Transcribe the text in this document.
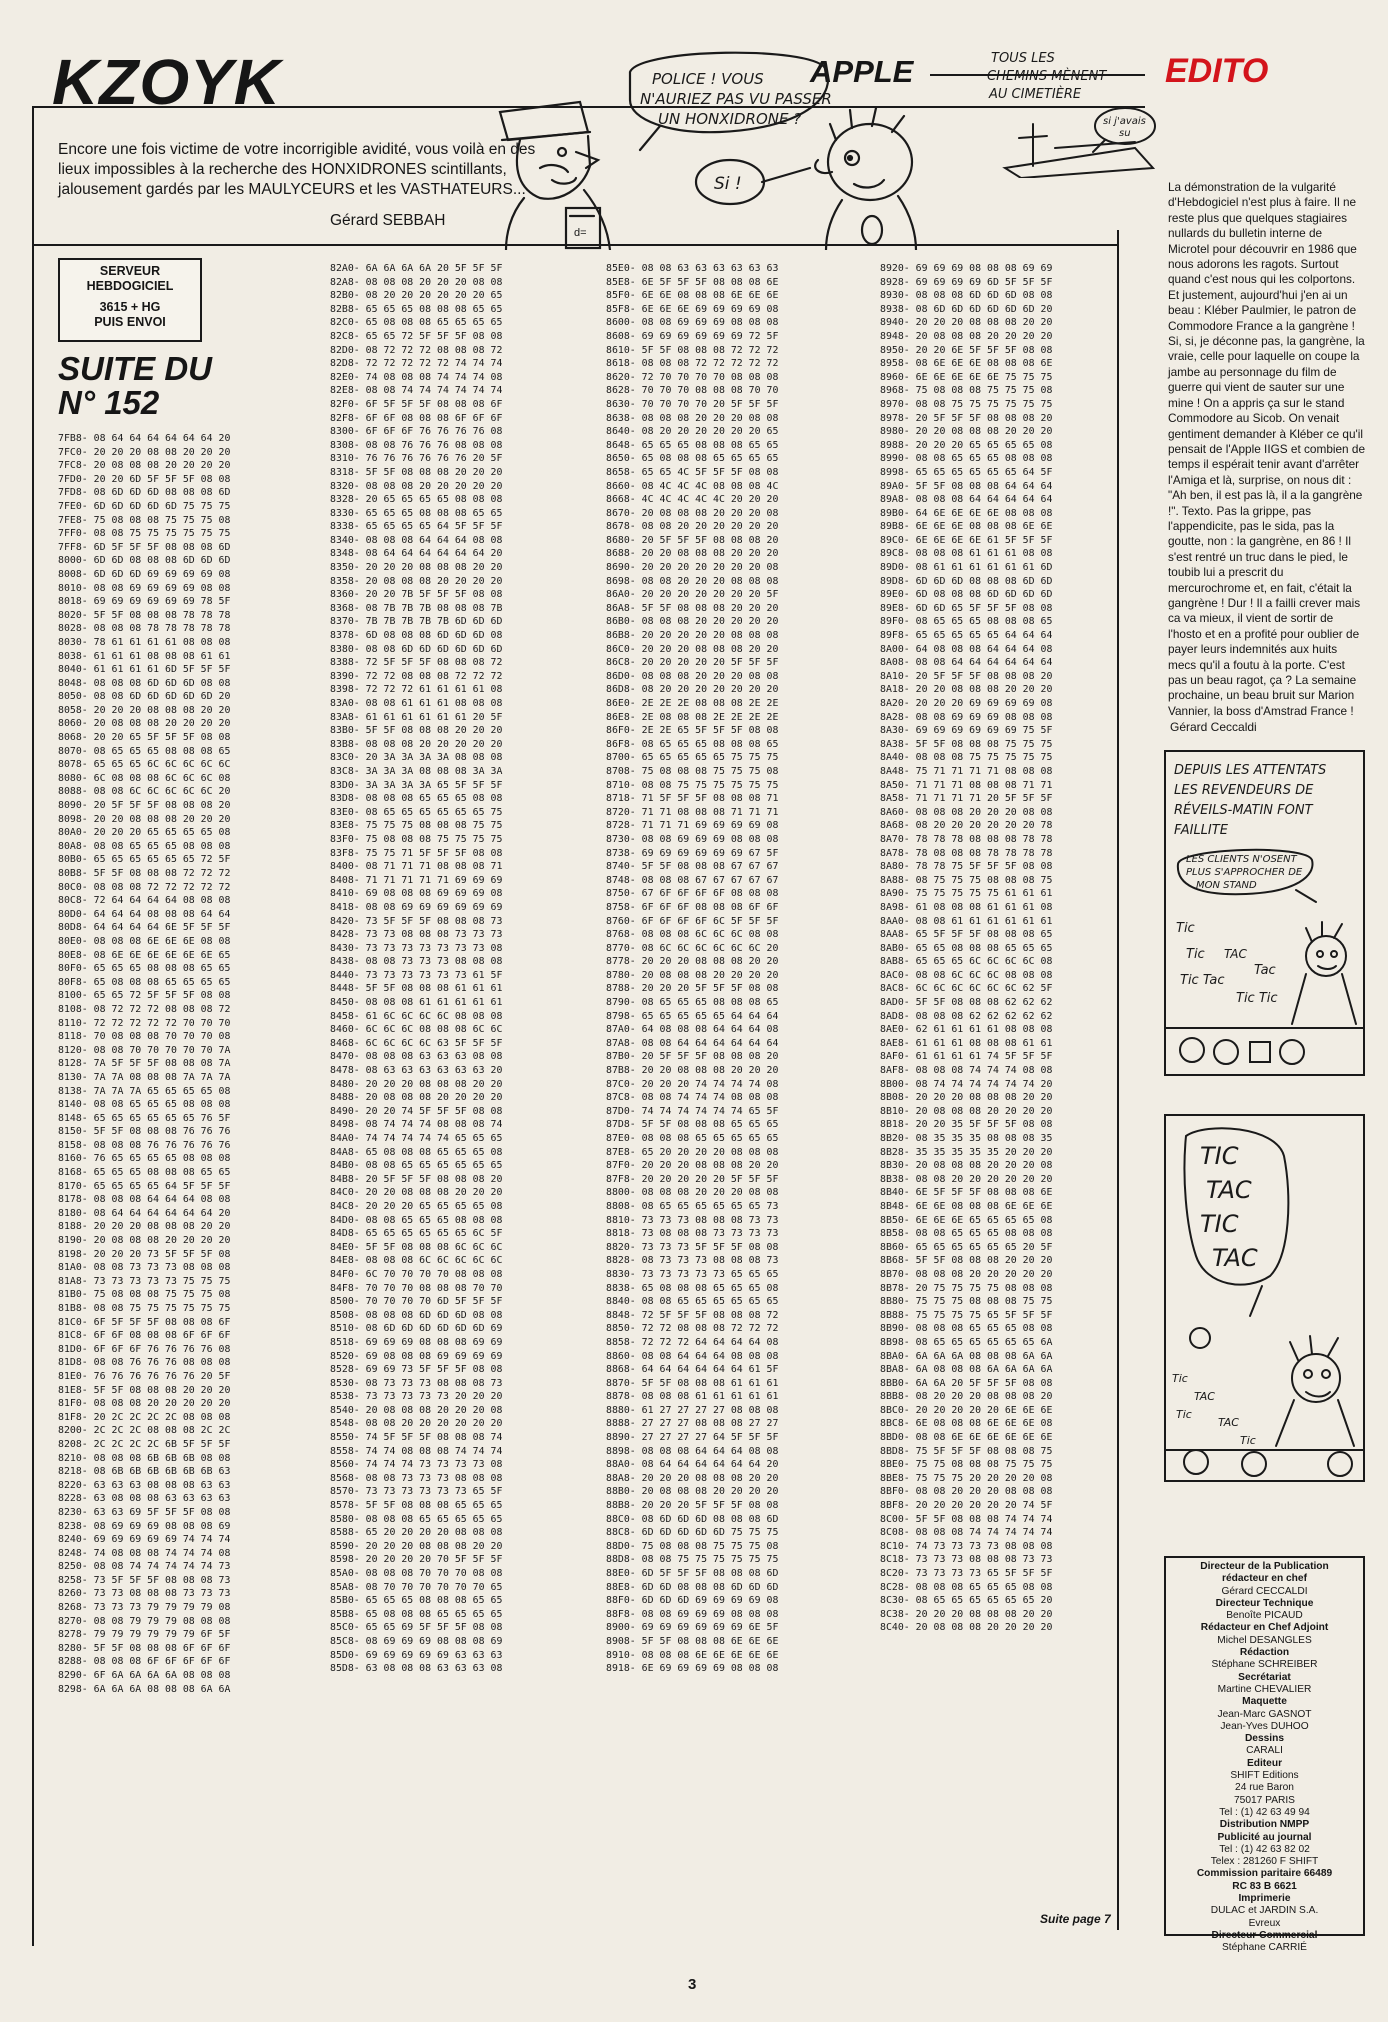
KZOYK	APPLE
Encore une fois victime de votre incorrigible avidité, vous voilà en des lieux impossibles à la recherche des HONXIDRONES scintillants, jalousement gardés par les MAULYCEURS et les VASTHATEURS...
Gérard SEBBAH
POLICE ! VOUS
N'AURIEZ PAS VU PASSER
UN HONXIDRONE ?
Si !
d=
SERVEUR
HEBDOGICIEL
3615 + HG
PUIS ENVOI
SUITE DU
N° 152
7FB8- 08 64 64 64 64 64 64 20
7FC0- 20 20 20 08 08 20 20 20
7FC8- 20 08 08 08 20 20 20 20
7FD0- 20 20 6D 5F 5F 5F 08 08
7FD8- 08 6D 6D 6D 08 08 08 6D
7FE0- 6D 6D 6D 6D 6D 75 75 75
7FE8- 75 08 08 08 75 75 75 08
7FF0- 08 08 75 75 75 75 75 75
7FF8- 6D 5F 5F 5F 08 08 08 6D
8000- 6D 6D 08 08 08 6D 6D 6D
8008- 6D 6D 6D 69 69 69 69 08
8010- 08 08 69 69 69 69 08 08
8018- 69 69 69 69 69 69 78 5F
8020- 5F 5F 08 08 08 78 78 78
8028- 08 08 08 78 78 78 78 78
8030- 78 61 61 61 61 08 08 08
8038- 61 61 61 08 08 08 61 61
8040- 61 61 61 61 6D 5F 5F 5F
8048- 08 08 08 6D 6D 6D 08 08
8050- 08 08 6D 6D 6D 6D 6D 20
8058- 20 20 20 08 08 08 20 20
8060- 20 08 08 08 20 20 20 20
8068- 20 20 65 5F 5F 5F 08 08
8070- 08 65 65 65 08 08 08 65
8078- 65 65 65 6C 6C 6C 6C 6C
8080- 6C 08 08 08 6C 6C 6C 08
8088- 08 08 6C 6C 6C 6C 6C 20
8090- 20 5F 5F 5F 08 08 08 20
8098- 20 20 08 08 08 20 20 20
80A0- 20 20 20 65 65 65 65 08
80A8- 08 08 65 65 65 08 08 08
80B0- 65 65 65 65 65 65 72 5F
80B8- 5F 5F 08 08 08 72 72 72
80C0- 08 08 08 72 72 72 72 72
80C8- 72 64 64 64 64 08 08 08
80D0- 64 64 64 08 08 08 64 64
80D8- 64 64 64 64 6E 5F 5F 5F
80E0- 08 08 08 6E 6E 6E 08 08
80E8- 08 6E 6E 6E 6E 6E 6E 65
80F0- 65 65 65 08 08 08 65 65
80F8- 65 08 08 08 65 65 65 65
8100- 65 65 72 5F 5F 5F 08 08
8108- 08 72 72 72 08 08 08 72
8110- 72 72 72 72 72 70 70 70
8118- 70 08 08 08 70 70 70 08
8120- 08 08 70 70 70 70 70 7A
8128- 7A 5F 5F 5F 08 08 08 7A
8130- 7A 7A 08 08 08 7A 7A 7A
8138- 7A 7A 7A 65 65 65 65 08
8140- 08 08 65 65 65 08 08 08
8148- 65 65 65 65 65 65 76 5F
8150- 5F 5F 08 08 08 76 76 76
8158- 08 08 08 76 76 76 76 76
8160- 76 65 65 65 65 08 08 08
8168- 65 65 65 08 08 08 65 65
8170- 65 65 65 65 64 5F 5F 5F
8178- 08 08 08 64 64 64 08 08
8180- 08 64 64 64 64 64 64 20
8188- 20 20 20 08 08 08 20 20
8190- 20 08 08 08 20 20 20 20
8198- 20 20 20 73 5F 5F 5F 08
81A0- 08 08 73 73 73 08 08 08
81A8- 73 73 73 73 73 75 75 75
81B0- 75 08 08 08 75 75 75 08
81B8- 08 08 75 75 75 75 75 75
81C0- 6F 5F 5F 5F 08 08 08 6F
81C8- 6F 6F 08 08 08 6F 6F 6F
81D0- 6F 6F 6F 76 76 76 76 08
81D8- 08 08 76 76 76 08 08 08
81E0- 76 76 76 76 76 76 20 5F
81E8- 5F 5F 08 08 08 20 20 20
81F0- 08 08 08 20 20 20 20 20
81F8- 20 2C 2C 2C 2C 08 08 08
8200- 2C 2C 2C 08 08 08 2C 2C
8208- 2C 2C 2C 2C 6B 5F 5F 5F
8210- 08 08 08 6B 6B 6B 08 08
8218- 08 6B 6B 6B 6B 6B 6B 63
8220- 63 63 63 08 08 08 63 63
8228- 63 08 08 08 63 63 63 63
8230- 63 63 69 5F 5F 5F 08 08
8238- 08 69 69 69 08 08 08 69
8240- 69 69 69 69 69 74 74 74
8248- 74 08 08 08 74 74 74 08
8250- 08 08 74 74 74 74 74 73
8258- 73 5F 5F 5F 08 08 08 73
8260- 73 73 08 08 08 73 73 73
8268- 73 73 73 79 79 79 79 08
8270- 08 08 79 79 79 08 08 08
8278- 79 79 79 79 79 79 6F 5F
8280- 5F 5F 08 08 08 6F 6F 6F
8288- 08 08 08 6F 6F 6F 6F 6F
8290- 6F 6A 6A 6A 6A 08 08 08
8298- 6A 6A 6A 08 08 08 6A 6A
82A0- 6A 6A 6A 6A 20 5F 5F 5F
82A8- 08 08 08 20 20 20 08 08
82B0- 08 20 20 20 20 20 20 65
82B8- 65 65 65 08 08 08 65 65
82C0- 65 08 08 08 65 65 65 65
82C8- 65 65 72 5F 5F 5F 08 08
82D0- 08 72 72 72 08 08 08 72
82D8- 72 72 72 72 72 74 74 74
82E0- 74 08 08 08 74 74 74 08
82E8- 08 08 74 74 74 74 74 74
82F0- 6F 5F 5F 5F 08 08 08 6F
82F8- 6F 6F 08 08 08 6F 6F 6F
8300- 6F 6F 6F 76 76 76 76 08
8308- 08 08 76 76 76 08 08 08
8310- 76 76 76 76 76 76 20 5F
8318- 5F 5F 08 08 08 20 20 20
8320- 08 08 08 20 20 20 20 20
8328- 20 65 65 65 65 08 08 08
8330- 65 65 65 08 08 08 65 65
8338- 65 65 65 65 64 5F 5F 5F
8340- 08 08 08 64 64 64 08 08
8348- 08 64 64 64 64 64 64 20
8350- 20 20 20 08 08 08 20 20
8358- 20 08 08 08 20 20 20 20
8360- 20 20 7B 5F 5F 5F 08 08
8368- 08 7B 7B 7B 08 08 08 7B
8370- 7B 7B 7B 7B 7B 6D 6D 6D
8378- 6D 08 08 08 6D 6D 6D 08
8380- 08 08 6D 6D 6D 6D 6D 6D
8388- 72 5F 5F 5F 08 08 08 72
8390- 72 72 08 08 08 72 72 72
8398- 72 72 72 61 61 61 61 08
83A0- 08 08 61 61 61 08 08 08
83A8- 61 61 61 61 61 61 20 5F
83B0- 5F 5F 08 08 08 20 20 20
83B8- 08 08 08 20 20 20 20 20
83C0- 20 3A 3A 3A 3A 08 08 08
83C8- 3A 3A 3A 08 08 08 3A 3A
83D0- 3A 3A 3A 3A 65 5F 5F 5F
83D8- 08 08 08 65 65 65 08 08
83E0- 08 65 65 65 65 65 65 75
83E8- 75 75 75 08 08 08 75 75
83F0- 75 08 08 08 75 75 75 75
83F8- 75 75 71 5F 5F 5F 08 08
8400- 08 71 71 71 08 08 08 71
8408- 71 71 71 71 71 69 69 69
8410- 69 08 08 08 69 69 69 08
8418- 08 08 69 69 69 69 69 69
8420- 73 5F 5F 5F 08 08 08 73
8428- 73 73 08 08 08 73 73 73
8430- 73 73 73 73 73 73 73 08
8438- 08 08 73 73 73 08 08 08
8440- 73 73 73 73 73 73 61 5F
8448- 5F 5F 08 08 08 61 61 61
8450- 08 08 08 61 61 61 61 61
8458- 61 6C 6C 6C 6C 08 08 08
8460- 6C 6C 6C 08 08 08 6C 6C
8468- 6C 6C 6C 6C 63 5F 5F 5F
8470- 08 08 08 63 63 63 08 08
8478- 08 63 63 63 63 63 63 20
8480- 20 20 20 08 08 08 20 20
8488- 20 08 08 08 20 20 20 20
8490- 20 20 74 5F 5F 5F 08 08
8498- 08 74 74 74 08 08 08 74
84A0- 74 74 74 74 74 65 65 65
84A8- 65 08 08 08 65 65 65 08
84B0- 08 08 65 65 65 65 65 65
84B8- 20 5F 5F 5F 08 08 08 20
84C0- 20 20 08 08 08 20 20 20
84C8- 20 20 20 65 65 65 65 08
84D0- 08 08 65 65 65 08 08 08
84D8- 65 65 65 65 65 65 6C 5F
84E0- 5F 5F 08 08 08 6C 6C 6C
84E8- 08 08 08 6C 6C 6C 6C 6C
84F0- 6C 70 70 70 70 08 08 08
84F8- 70 70 70 08 08 08 70 70
8500- 70 70 70 70 6D 5F 5F 5F
8508- 08 08 08 6D 6D 6D 08 08
8510- 08 6D 6D 6D 6D 6D 6D 69
8518- 69 69 69 08 08 08 69 69
8520- 69 08 08 08 69 69 69 69
8528- 69 69 73 5F 5F 5F 08 08
8530- 08 73 73 73 08 08 08 73
8538- 73 73 73 73 73 20 20 20
8540- 20 08 08 08 20 20 20 08
8548- 08 08 20 20 20 20 20 20
8550- 74 5F 5F 5F 08 08 08 74
8558- 74 74 08 08 08 74 74 74
8560- 74 74 74 73 73 73 73 08
8568- 08 08 73 73 73 08 08 08
8570- 73 73 73 73 73 73 65 5F
8578- 5F 5F 08 08 08 65 65 65
8580- 08 08 08 65 65 65 65 65
8588- 65 20 20 20 20 08 08 08
8590- 20 20 20 08 08 08 20 20
8598- 20 20 20 20 70 5F 5F 5F
85A0- 08 08 08 70 70 70 08 08
85A8- 08 70 70 70 70 70 70 65
85B0- 65 65 65 08 08 08 65 65
85B8- 65 08 08 08 65 65 65 65
85C0- 65 65 69 5F 5F 5F 08 08
85C8- 08 69 69 69 08 08 08 69
85D0- 69 69 69 69 69 63 63 63
85D8- 63 08 08 08 63 63 63 08
85E0- 08 08 63 63 63 63 63 63
85E8- 6E 5F 5F 5F 08 08 08 6E
85F0- 6E 6E 08 08 08 6E 6E 6E
85F8- 6E 6E 6E 69 69 69 69 08
8600- 08 08 69 69 69 08 08 08
8608- 69 69 69 69 69 69 72 5F
8610- 5F 5F 08 08 08 72 72 72
8618- 08 08 08 72 72 72 72 72
8620- 72 70 70 70 70 08 08 08
8628- 70 70 70 08 08 08 70 70
8630- 70 70 70 70 20 5F 5F 5F
8638- 08 08 08 20 20 20 08 08
8640- 08 20 20 20 20 20 20 65
8648- 65 65 65 08 08 08 65 65
8650- 65 08 08 08 65 65 65 65
8658- 65 65 4C 5F 5F 5F 08 08
8660- 08 4C 4C 4C 08 08 08 4C
8668- 4C 4C 4C 4C 4C 20 20 20
8670- 20 08 08 08 20 20 20 08
8678- 08 08 20 20 20 20 20 20
8680- 20 5F 5F 5F 08 08 08 20
8688- 20 20 08 08 08 20 20 20
8690- 20 20 20 20 20 20 20 08
8698- 08 08 20 20 20 08 08 08
86A0- 20 20 20 20 20 20 20 5F
86A8- 5F 5F 08 08 08 20 20 20
86B0- 08 08 08 20 20 20 20 20
86B8- 20 20 20 20 20 08 08 08
86C0- 20 20 20 08 08 08 20 20
86C8- 20 20 20 20 20 5F 5F 5F
86D0- 08 08 08 20 20 20 08 08
86D8- 08 20 20 20 20 20 20 20
86E0- 2E 2E 2E 08 08 08 2E 2E
86E8- 2E 08 08 08 2E 2E 2E 2E
86F0- 2E 2E 65 5F 5F 5F 08 08
86F8- 08 65 65 65 08 08 08 65
8700- 65 65 65 65 65 75 75 75
8708- 75 08 08 08 75 75 75 08
8710- 08 08 75 75 75 75 75 75
8718- 71 5F 5F 5F 08 08 08 71
8720- 71 71 08 08 08 71 71 71
8728- 71 71 71 69 69 69 69 08
8730- 08 08 69 69 69 08 08 08
8738- 69 69 69 69 69 69 67 5F
8740- 5F 5F 08 08 08 67 67 67
8748- 08 08 08 67 67 67 67 67
8750- 67 6F 6F 6F 6F 08 08 08
8758- 6F 6F 6F 08 08 08 6F 6F
8760- 6F 6F 6F 6F 6C 5F 5F 5F
8768- 08 08 08 6C 6C 6C 08 08
8770- 08 6C 6C 6C 6C 6C 6C 20
8778- 20 20 20 08 08 08 20 20
8780- 20 08 08 08 20 20 20 20
8788- 20 20 20 5F 5F 5F 08 08
8790- 08 65 65 65 08 08 08 65
8798- 65 65 65 65 65 64 64 64
87A0- 64 08 08 08 64 64 64 08
87A8- 08 08 64 64 64 64 64 64
87B0- 20 5F 5F 5F 08 08 08 20
87B8- 20 20 08 08 08 20 20 20
87C0- 20 20 20 74 74 74 74 08
87C8- 08 08 74 74 74 08 08 08
87D0- 74 74 74 74 74 74 65 5F
87D8- 5F 5F 08 08 08 65 65 65
87E0- 08 08 08 65 65 65 65 65
87E8- 65 20 20 20 20 08 08 08
87F0- 20 20 20 08 08 08 20 20
87F8- 20 20 20 20 20 5F 5F 5F
8800- 08 08 08 20 20 20 08 08
8808- 08 65 65 65 65 65 65 73
8810- 73 73 73 08 08 08 73 73
8818- 73 08 08 08 73 73 73 73
8820- 73 73 73 5F 5F 5F 08 08
8828- 08 73 73 73 08 08 08 73
8830- 73 73 73 73 73 65 65 65
8838- 65 08 08 08 65 65 65 08
8840- 08 08 65 65 65 65 65 65
8848- 72 5F 5F 5F 08 08 08 72
8850- 72 72 08 08 08 72 72 72
8858- 72 72 72 64 64 64 64 08
8860- 08 08 64 64 64 08 08 08
8868- 64 64 64 64 64 64 61 5F
8870- 5F 5F 08 08 08 61 61 61
8878- 08 08 08 61 61 61 61 61
8880- 61 27 27 27 27 08 08 08
8888- 27 27 27 08 08 08 27 27
8890- 27 27 27 27 64 5F 5F 5F
8898- 08 08 08 64 64 64 08 08
88A0- 08 64 64 64 64 64 64 20
88A8- 20 20 20 08 08 08 20 20
88B0- 20 08 08 08 20 20 20 20
88B8- 20 20 20 5F 5F 5F 08 08
88C0- 08 6D 6D 6D 08 08 08 6D
88C8- 6D 6D 6D 6D 6D 75 75 75
88D0- 75 08 08 08 75 75 75 08
88D8- 08 08 75 75 75 75 75 75
88E0- 6D 5F 5F 5F 08 08 08 6D
88E8- 6D 6D 08 08 08 6D 6D 6D
88F0- 6D 6D 6D 69 69 69 69 08
88F8- 08 08 69 69 69 08 08 08
8900- 69 69 69 69 69 69 6E 5F
8908- 5F 5F 08 08 08 6E 6E 6E
8910- 08 08 08 6E 6E 6E 6E 6E
8918- 6E 69 69 69 69 08 08 08
8920- 69 69 69 08 08 08 69 69
8928- 69 69 69 69 6D 5F 5F 5F
8930- 08 08 08 6D 6D 6D 08 08
8938- 08 6D 6D 6D 6D 6D 6D 20
8940- 20 20 20 08 08 08 20 20
8948- 20 08 08 08 20 20 20 20
8950- 20 20 6E 5F 5F 5F 08 08
8958- 08 6E 6E 6E 08 08 08 6E
8960- 6E 6E 6E 6E 6E 75 75 75
8968- 75 08 08 08 75 75 75 08
8970- 08 08 75 75 75 75 75 75
8978- 20 5F 5F 5F 08 08 08 20
8980- 20 20 08 08 08 20 20 20
8988- 20 20 20 65 65 65 65 08
8990- 08 08 65 65 65 08 08 08
8998- 65 65 65 65 65 65 64 5F
89A0- 5F 5F 08 08 08 64 64 64
89A8- 08 08 08 64 64 64 64 64
89B0- 64 6E 6E 6E 6E 08 08 08
89B8- 6E 6E 6E 08 08 08 6E 6E
89C0- 6E 6E 6E 6E 61 5F 5F 5F
89C8- 08 08 08 61 61 61 08 08
89D0- 08 61 61 61 61 61 61 6D
89D8- 6D 6D 6D 08 08 08 6D 6D
89E0- 6D 08 08 08 6D 6D 6D 6D
89E8- 6D 6D 65 5F 5F 5F 08 08
89F0- 08 65 65 65 08 08 08 65
89F8- 65 65 65 65 65 64 64 64
8A00- 64 08 08 08 64 64 64 08
8A08- 08 08 64 64 64 64 64 64
8A10- 20 5F 5F 5F 08 08 08 20
8A18- 20 20 08 08 08 20 20 20
8A20- 20 20 20 69 69 69 69 08
8A28- 08 08 69 69 69 08 08 08
8A30- 69 69 69 69 69 69 75 5F
8A38- 5F 5F 08 08 08 75 75 75
8A40- 08 08 08 75 75 75 75 75
8A48- 75 71 71 71 71 08 08 08
8A50- 71 71 71 08 08 08 71 71
8A58- 71 71 71 71 20 5F 5F 5F
8A60- 08 08 08 20 20 20 08 08
8A68- 08 20 20 20 20 20 20 78
8A70- 78 78 78 08 08 08 78 78
8A78- 78 08 08 08 78 78 78 78
8A80- 78 78 75 5F 5F 5F 08 08
8A88- 08 75 75 75 08 08 08 75
8A90- 75 75 75 75 75 61 61 61
8A98- 61 08 08 08 61 61 61 08
8AA0- 08 08 61 61 61 61 61 61
8AA8- 65 5F 5F 5F 08 08 08 65
8AB0- 65 65 08 08 08 65 65 65
8AB8- 65 65 65 6C 6C 6C 6C 08
8AC0- 08 08 6C 6C 6C 08 08 08
8AC8- 6C 6C 6C 6C 6C 6C 62 5F
8AD0- 5F 5F 08 08 08 62 62 62
8AD8- 08 08 08 62 62 62 62 62
8AE0- 62 61 61 61 61 08 08 08
8AE8- 61 61 61 08 08 08 61 61
8AF0- 61 61 61 61 74 5F 5F 5F
8AF8- 08 08 08 74 74 74 08 08
8B00- 08 74 74 74 74 74 74 20
8B08- 20 20 20 08 08 08 20 20
8B10- 20 08 08 08 20 20 20 20
8B18- 20 20 35 5F 5F 5F 08 08
8B20- 08 35 35 35 08 08 08 35
8B28- 35 35 35 35 35 20 20 20
8B30- 20 08 08 08 20 20 20 08
8B38- 08 08 20 20 20 20 20 20
8B40- 6E 5F 5F 5F 08 08 08 6E
8B48- 6E 6E 08 08 08 6E 6E 6E
8B50- 6E 6E 6E 65 65 65 65 08
8B58- 08 08 65 65 65 08 08 08
8B60- 65 65 65 65 65 65 20 5F
8B68- 5F 5F 08 08 08 20 20 20
8B70- 08 08 08 20 20 20 20 20
8B78- 20 75 75 75 75 08 08 08
8B80- 75 75 75 08 08 08 75 75
8B88- 75 75 75 75 65 5F 5F 5F
8B90- 08 08 08 65 65 65 08 08
8B98- 08 65 65 65 65 65 65 6A
8BA0- 6A 6A 6A 08 08 08 6A 6A
8BA8- 6A 08 08 08 6A 6A 6A 6A
8BB0- 6A 6A 20 5F 5F 5F 08 08
8BB8- 08 20 20 20 08 08 08 20
8BC0- 20 20 20 20 20 6E 6E 6E
8BC8- 6E 08 08 08 6E 6E 6E 08
8BD0- 08 08 6E 6E 6E 6E 6E 6E
8BD8- 75 5F 5F 5F 08 08 08 75
8BE0- 75 75 08 08 08 75 75 75
8BE8- 75 75 75 20 20 20 20 08
8BF0- 08 08 20 20 20 08 08 08
8BF8- 20 20 20 20 20 20 74 5F
8C00- 5F 5F 08 08 08 74 74 74
8C08- 08 08 08 74 74 74 74 74
8C10- 74 73 73 73 73 08 08 08
8C18- 73 73 73 08 08 08 73 73
8C20- 73 73 73 73 65 5F 5F 5F
8C28- 08 08 08 65 65 65 08 08
8C30- 08 65 65 65 65 65 65 20
8C38- 20 20 20 08 08 08 20 20
8C40- 20 08 08 08 20 20 20 20
EDITO
TOUS LES
CHEMINS MÈNENT
AU CIMETIÈRE
si j'avais
su
La démonstration de la vulgarité d'Hebdogiciel n'est plus à faire. Il ne reste plus que quelques stagiaires nullards du bulletin interne de Microtel pour découvrir en 1986 que nous adorons les ragots. Surtout quand c'est nous qui les colportons. Et justement, aujourd'hui j'en ai un beau : Kléber Paulmier, le patron de Commodore France a la gangrène ! Si, si, je déconne pas, la gangrène, la vraie, celle pour laquelle on coupe la jambe au personnage du film de guerre qui vient de sauter sur une mine ! On a appris ça sur le stand Commodore au Sicob. On venait gentiment demander à Kléber ce qu'il pensait de l'Apple IIGS et combien de temps il espérait tenir avant d'arrêter l'Amiga et là, surprise, on nous dit : "Ah ben, il est pas là, il a la gangrène !". Texto. Pas la grippe, pas l'appendicite, pas le sida, pas la goutte, non : la gangrène, en 86 ! Il s'est rentré un truc dans le pied, le toubib lui a prescrit du mercurochrome et, en fait, c'était la gangrène ! Dur ! Il a failli crever mais ca va mieux, il vient de sortir de l'hosto et en a profité pour oublier de payer leurs indemnités aux huits mecs qu'il a foutu à la porte. C'est pas un beau ragot, ça ? La semaine prochaine, un beau bruit sur Marion Vannier, la boss d'Amstrad France !
Gérard Ceccaldi
DEPUIS LES ATTENTATS
LES REVENDEURS DE
RÉVEILS-MATIN FONT
FAILLITE
LES CLIENTS N'OSENT
PLUS S'APPROCHER DE
MON STAND
Tic
Tic TAC
Tic Tac
Tac
Tic Tic
TIC
TAC
TIC
TAC
Tic
TAC
Tic
TAC
Tic
Directeur de la Publication
rédacteur en chef
Gérard CECCALDI
Directeur Technique
Benoîte PICAUD
Rédacteur en Chef Adjoint
Michel DESANGLES
Rédaction
Stéphane SCHREIBER
Secrétariat
Martine CHEVALIER
Maquette
Jean-Marc GASNOT
Jean-Yves DUHOO
Dessins
CARALI
Editeur
SHIFT Editions
24 rue Baron
75017 PARIS
Tel : (1) 42 63 49 94
Distribution NMPP
Publicité au journal
Tel : (1) 42 63 82 02
Telex : 281260 F SHIFT
Commission paritaire 66489
RC 83 B 6621
Imprimerie
DULAC et JARDIN S.A.
Evreux
Directeur Commercial
Stéphane CARRIÉ
Suite page 7
3
